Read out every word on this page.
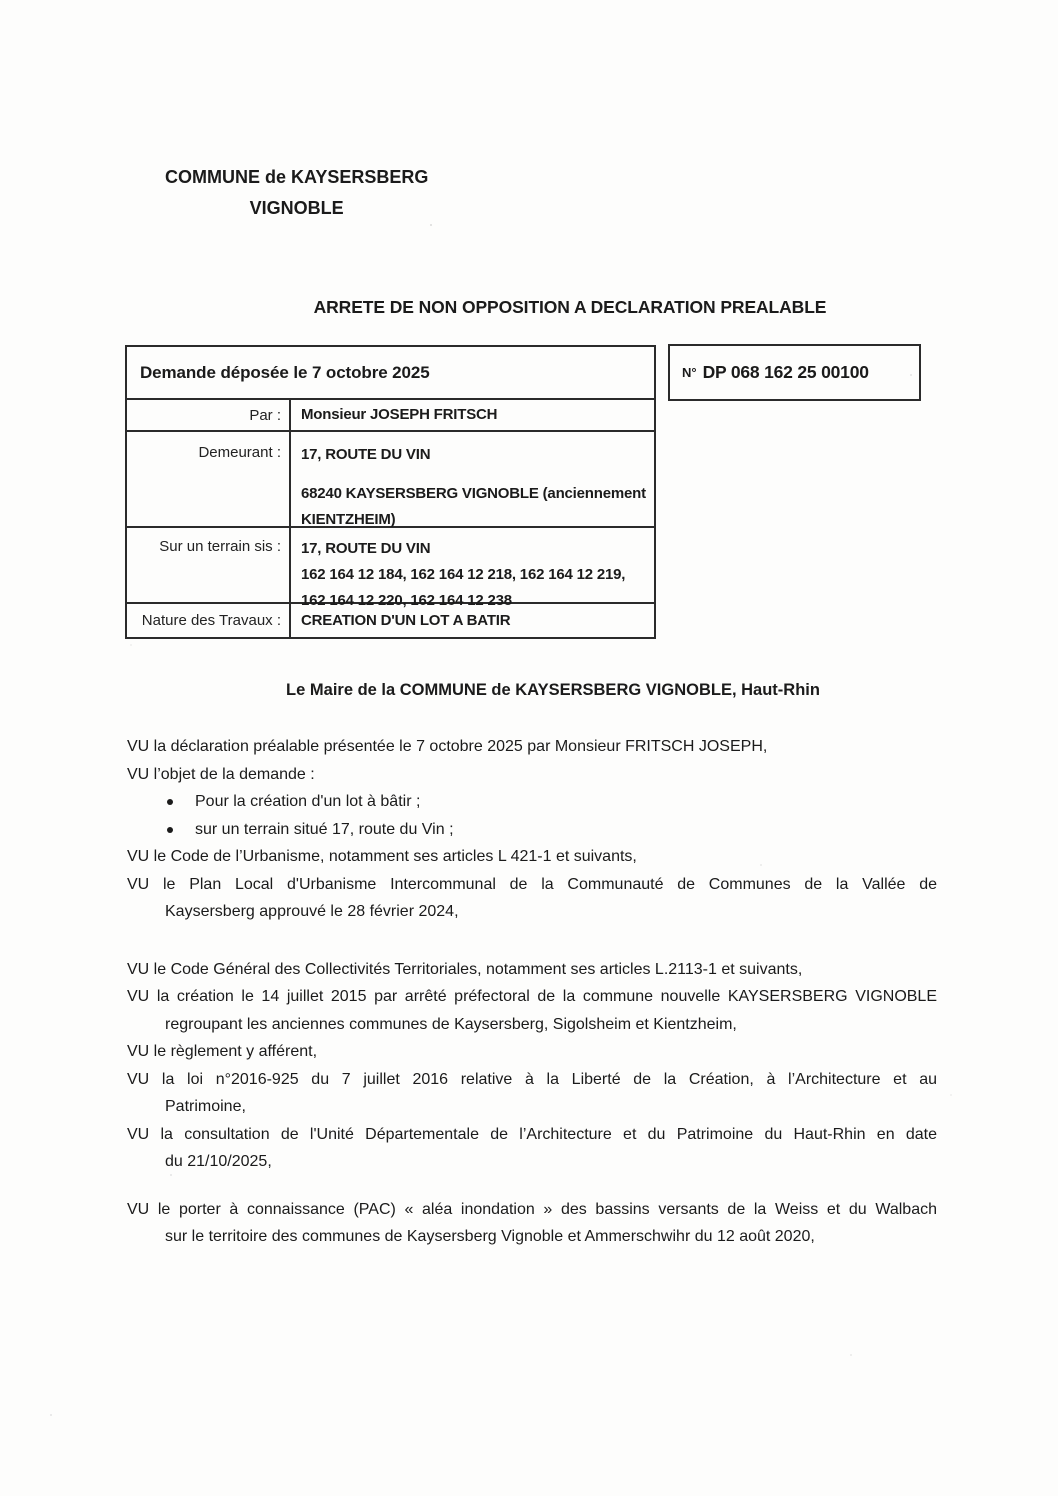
COMMUNE de KAYSERSBERG
VIGNOBLE
ARRETE DE NON OPPOSITION A DECLARATION PREALABLE
Demande déposée le 7 octobre 2025
Par :	Monsieur JOSEPH FRITSCH
Demeurant :	17, ROUTE DU VIN
68240 KAYSERSBERG VIGNOBLE (anciennement
KIENTZHEIM)
Sur un terrain sis :	17, ROUTE DU VIN
162 164 12 184, 162 164 12 218, 162 164 12 219,
162 164 12 220, 162 164 12 238
Nature des Travaux :	CREATION D'UN LOT A BATIR
N° DP 068 162 25 00100
Le Maire de la COMMUNE de KAYSERSBERG VIGNOBLE, Haut-Rhin
VU la déclaration préalable présentée le 7 octobre 2025 par Monsieur FRITSCH JOSEPH,
VU l’objet de la demande :
Pour la création d'un lot à bâtir ;
sur un terrain situé 17, route du Vin ;
VU le Code de l’Urbanisme, notamment ses articles L 421-1 et suivants,
VU le Plan Local d'Urbanisme Intercommunal de la Communauté de Communes de la Vallée de
Kaysersberg approuvé le 28 février 2024,
VU le Code Général des Collectivités Territoriales, notamment ses articles L.2113-1 et suivants,
VU la création le 14 juillet 2015 par arrêté préfectoral de la commune nouvelle KAYSERSBERG VIGNOBLE
regroupant les anciennes communes de Kaysersberg, Sigolsheim et Kientzheim,
VU le règlement y afférent,
VU la loi n°2016-925 du 7 juillet 2016 relative à la Liberté de la Création, à l’Architecture et au
Patrimoine,
VU la consultation de l'Unité Départementale de l’Architecture et du Patrimoine du Haut-Rhin en date
du 21/10/2025,
VU le porter à connaissance (PAC) « aléa inondation » des bassins versants de la Weiss et du Walbach
sur le territoire des communes de Kaysersberg Vignoble et Ammerschwihr du 12 août 2020,
